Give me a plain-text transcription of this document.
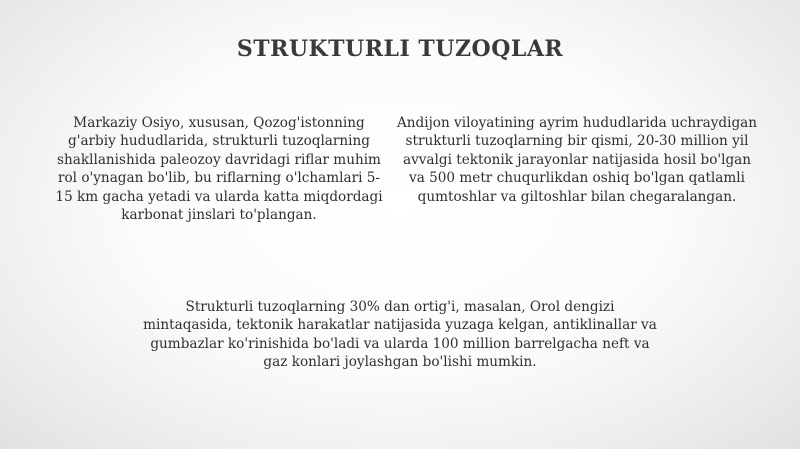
STRUKTURLI TUZOQLAR

Markaziy Osiyo, xususan, Qozog'istonning g'arbiy hududlarida, strukturli tuzoqlarning shakllanishida paleozoy davridagi riflar muhim rol o'ynagan bo'lib, bu riflarning o'lchamlari 5-15 km gacha yetadi va ularda katta miqdordagi karbonat jinslari to'plangan.

Andijon viloyatining ayrim hududlarida uchraydigan strukturli tuzoqlarning bir qismi, 20-30 million yil avvalgi tektonik jarayonlar natijasida hosil bo'lgan va 500 metr chuqurlikdan oshiq bo'lgan qatlamli qumtoshlar va giltoshlar bilan chegaralangan.

Strukturli tuzoqlarning 30% dan ortig'i, masalan, Orol dengizi mintaqasida, tektonik harakatlar natijasida yuzaga kelgan, antiklinallar va gumbazlar ko'rinishida bo'ladi va ularda 100 million barrelgacha neft va gaz konlari joylashgan bo'lishi mumkin.
